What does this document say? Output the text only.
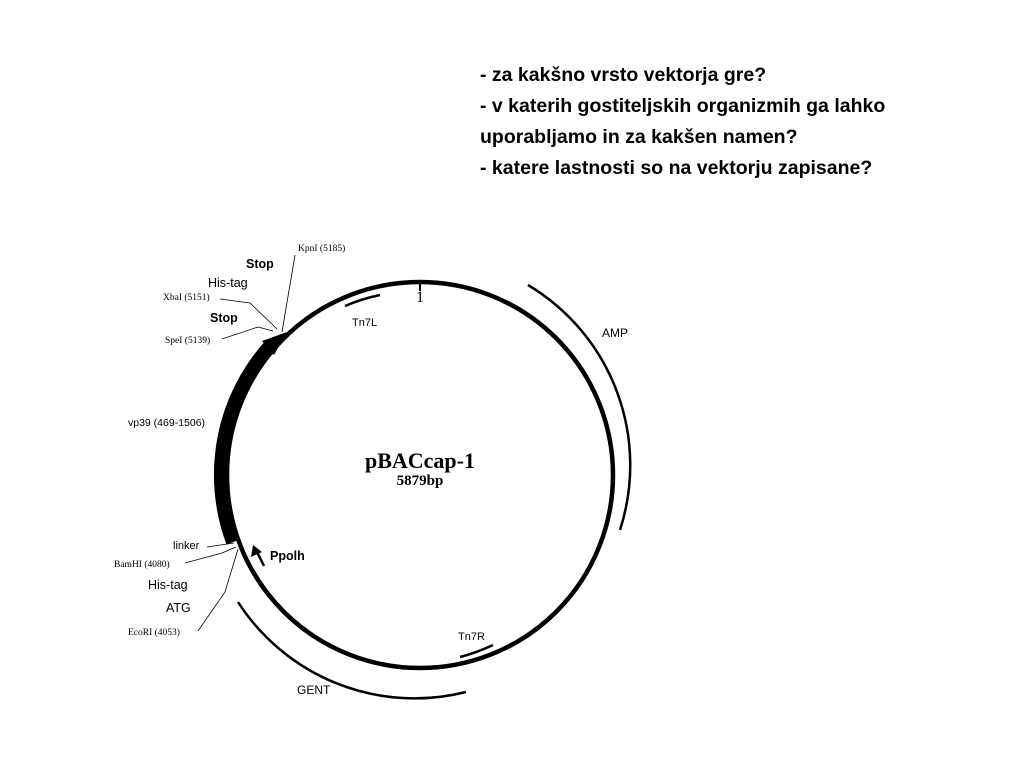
- za kakšno vrsto vektorja gre?
- v katerih gostiteljskih organizmih ga lahko
uporabljamo in za kakšen namen?
- katere lastnosti so na vektorju zapisane?
1
AMP
GENT
Tn7L
Tn7R
pBACcap-1
5879bp
vp39 (469-1506)
KpnI (5185)
Stop
His-tag
XbaI (5151)
Stop
SpeI (5139)
linker
BamHI (4080)
His-tag
ATG
EcoRI (4053)
Ppolh
